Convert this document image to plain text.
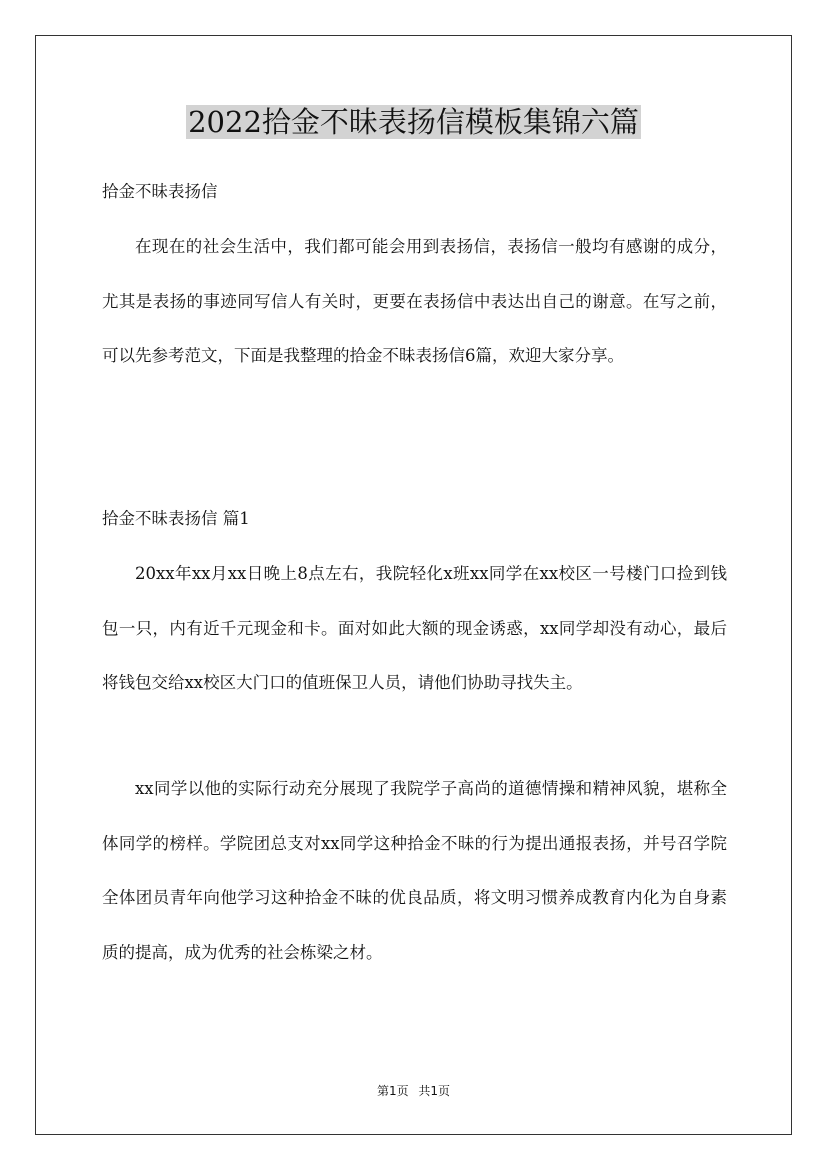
2022拾金不昧表扬信模板集锦六篇

拾金不昧表扬信

在现在的社会生活中，我们都可能会用到表扬信，表扬信一般均有感谢的成分，尤其是表扬的事迹同写信人有关时，更要在表扬信中表达出自己的谢意。在写之前，可以先参考范文，下面是我整理的拾金不昧表扬信6篇，欢迎大家分享。

拾金不昧表扬信 篇1

20xx年xx月xx日晚上8点左右，我院轻化x班xx同学在xx校区一号楼门口捡到钱包一只，内有近千元现金和卡。面对如此大额的现金诱惑，xx同学却没有动心，最后将钱包交给xx校区大门口的值班保卫人员，请他们协助寻找失主。

xx同学以他的实际行动充分展现了我院学子高尚的道德情操和精神风貌，堪称全体同学的榜样。学院团总支对xx同学这种拾金不昧的行为提出通报表扬，并号召学院全体团员青年向他学习这种拾金不昧的优良品质，将文明习惯养成教育内化为自身素质的提高，成为优秀的社会栋梁之材。

第1页 共1页
